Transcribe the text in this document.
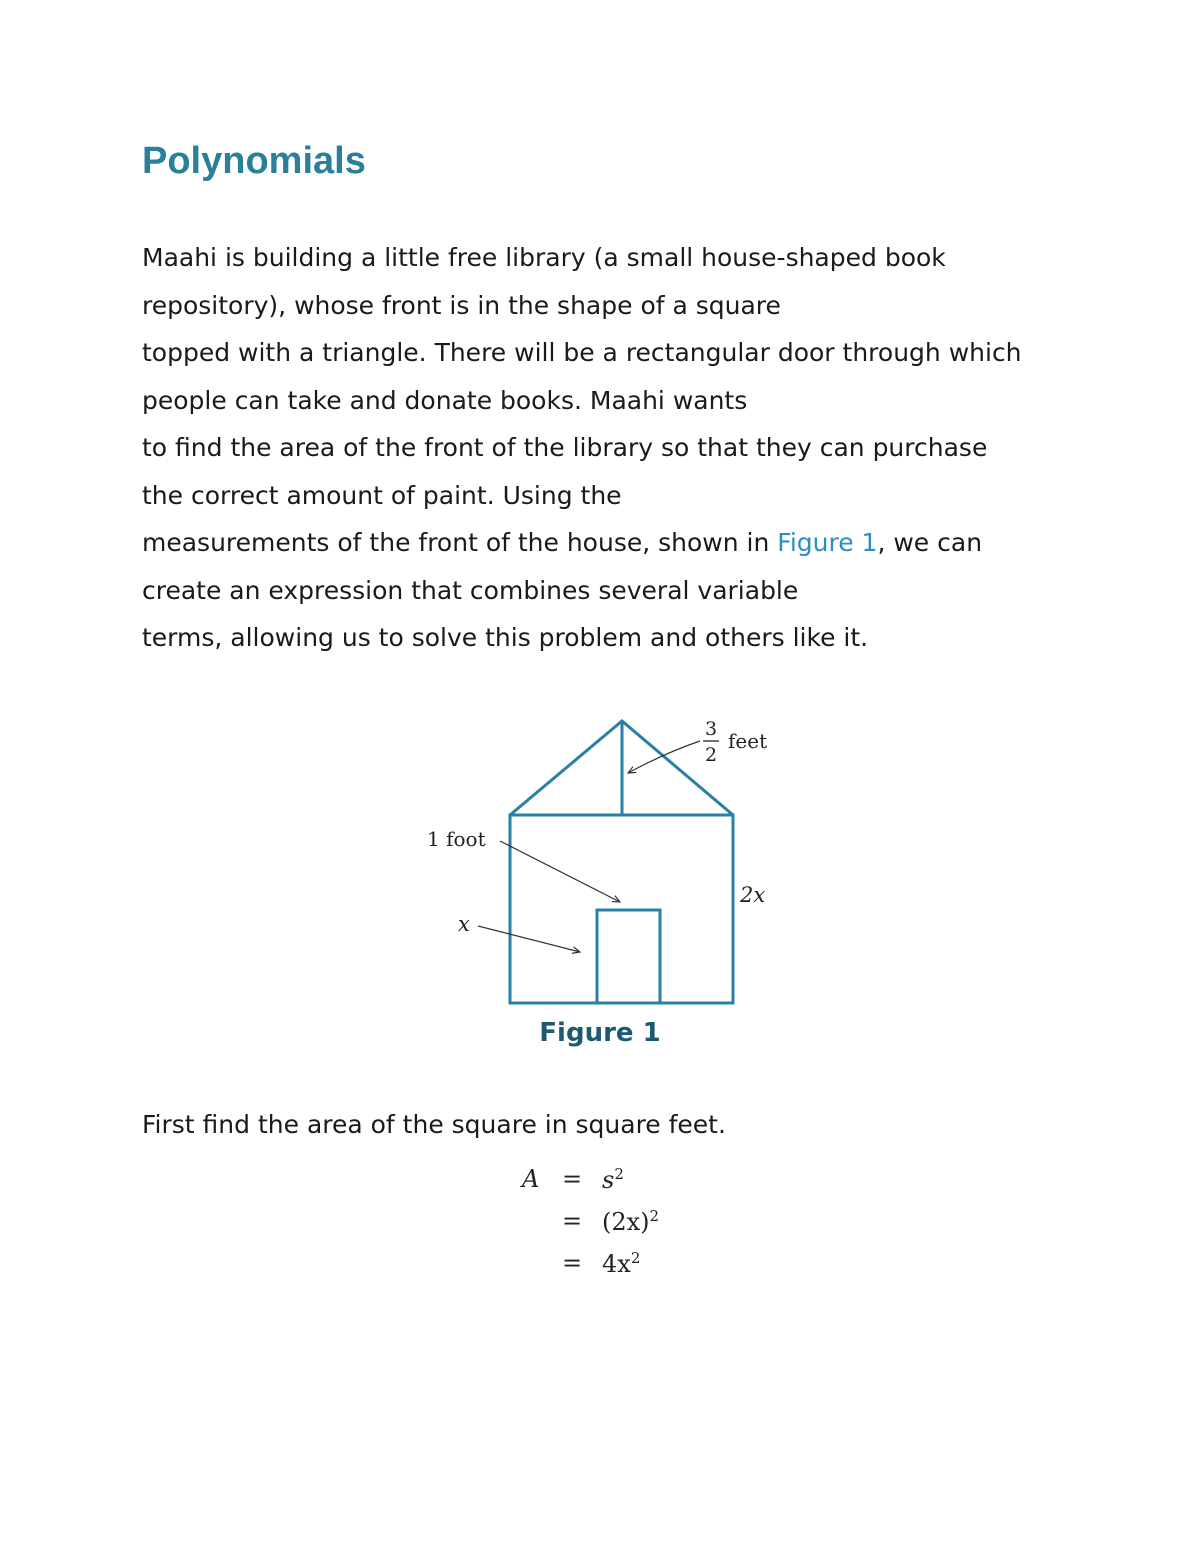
Polynomials

Maahi is building a little free library (a small house-shaped book
repository), whose front is in the shape of a square
topped with a triangle. There will be a rectangular door through which
people can take and donate books. Maahi wants
to find the area of the front of the library so that they can purchase
the correct amount of paint. Using the
measurements of the front of the house, shown in Figure 1, we can
create an expression that combines several variable
terms, allowing us to solve this problem and others like it.

3
2
feet
1 foot
x
2x

Figure 1

First find the area of the square in square feet.

$A = s^2$
= $(2x)^2$
= $4x^2$
